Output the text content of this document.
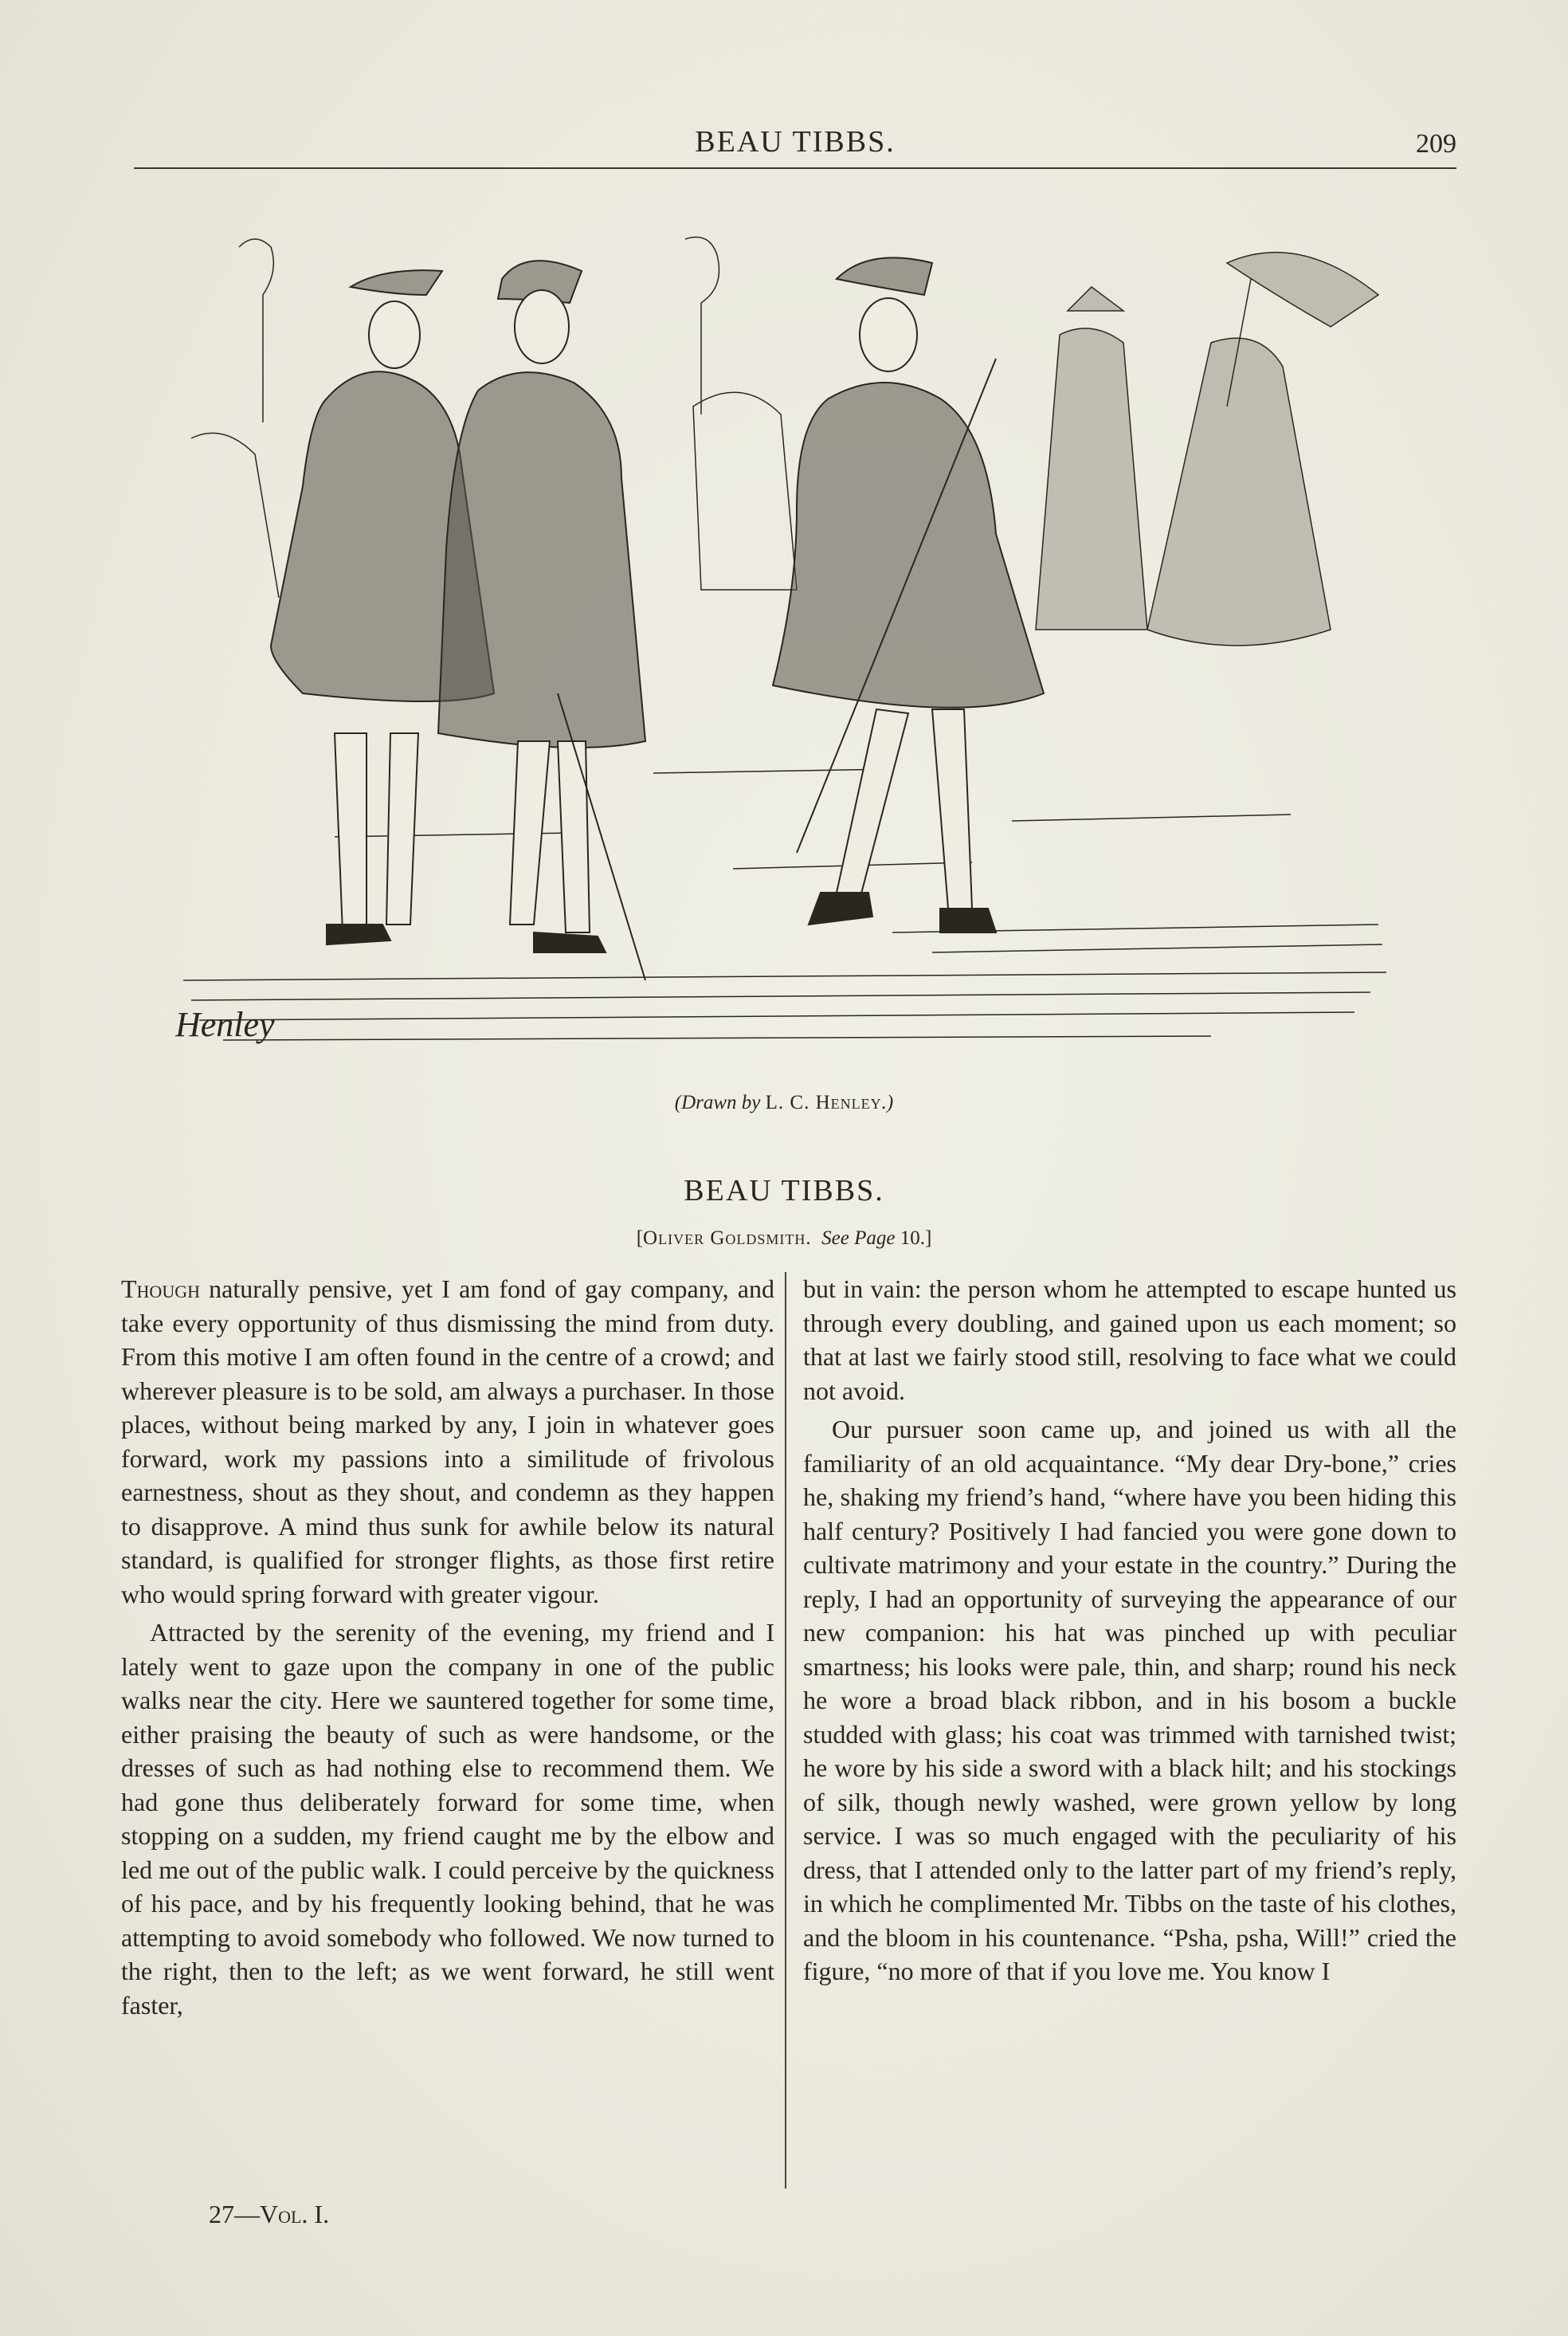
BEAU TIBBS.	209
Henley
(Drawn by L. C. Henley.)
BEAU TIBBS.
[Oliver Goldsmith. See Page 10.]

Though naturally pensive, yet I am fond of gay company, and take every opportunity of thus dismissing the mind from duty. From this motive I am often found in the centre of a crowd; and wherever pleasure is to be sold, am always a purchaser. In those places, without being marked by any, I join in whatever goes forward, work my passions into a similitude of frivolous earnestness, shout as they shout, and condemn as they happen to disapprove. A mind thus sunk for awhile below its natural standard, is qualified for stronger flights, as those first retire who would spring forward with greater vigour.

Attracted by the serenity of the evening, my friend and I lately went to gaze upon the company in one of the public walks near the city. Here we sauntered together for some time, either praising the beauty of such as were handsome, or the dresses of such as had nothing else to recommend them. We had gone thus deliberately forward for some time, when stopping on a sudden, my friend caught me by the elbow and led me out of the public walk. I could perceive by the quickness of his pace, and by his frequently looking behind, that he was attempting to avoid somebody who followed. We now turned to the right, then to the left; as we went forward, he still went faster,

but in vain: the person whom he attempted to escape hunted us through every doubling, and gained upon us each moment; so that at last we fairly stood still, resolving to face what we could not avoid.

Our pursuer soon came up, and joined us with all the familiarity of an old acquaintance. “My dear Dry-bone,” cries he, shaking my friend’s hand, “where have you been hiding this half century? Positively I had fancied you were gone down to cultivate matrimony and your estate in the country.” During the reply, I had an opportunity of surveying the appearance of our new companion: his hat was pinched up with peculiar smartness; his looks were pale, thin, and sharp; round his neck he wore a broad black ribbon, and in his bosom a buckle studded with glass; his coat was trimmed with tarnished twist; he wore by his side a sword with a black hilt; and his stockings of silk, though newly washed, were grown yellow by long service. I was so much engaged with the peculiarity of his dress, that I attended only to the latter part of my friend’s reply, in which he complimented Mr. Tibbs on the taste of his clothes, and the bloom in his countenance. “Psha, psha, Will!” cried the figure, “no more of that if you love me. You know I

27—Vol. I.
